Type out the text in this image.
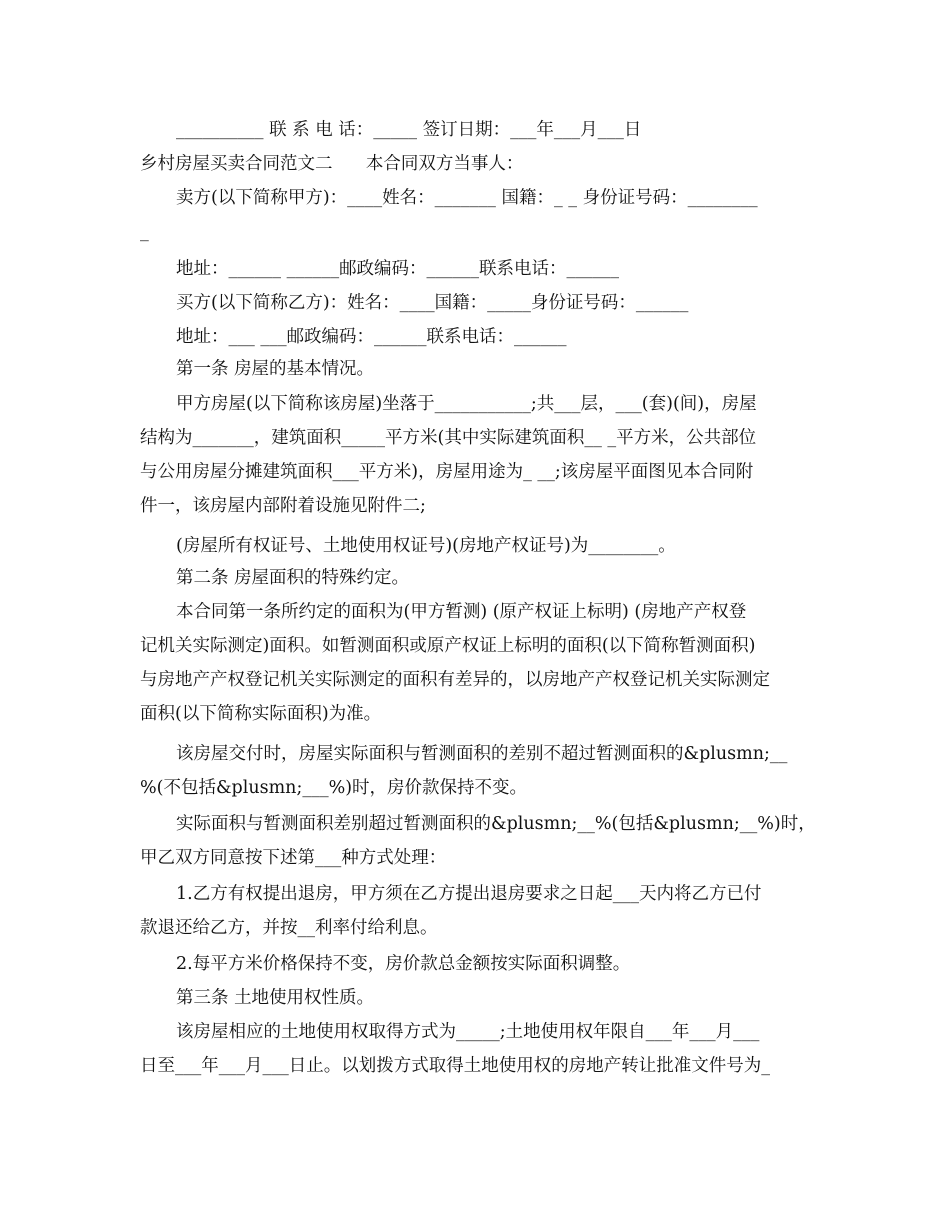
__________ 联 系 电 话：_____ 签订日期：___年___月___日
乡村房屋买卖合同范文二      本合同双方当事人：
卖方(以下简称甲方)：____姓名：_______ 国籍：_ _ 身份证号码：________
_
地址：______ ______邮政编码：______联系电话：______
买方(以下简称乙方)：姓名：____国籍：_____身份证号码：______
地址：___ ___邮政编码：______联系电话：______
第一条 房屋的基本情况。
甲方房屋(以下简称该房屋)坐落于___________;共___层，___(套)(间)，房屋
结构为_______，建筑面积_____平方米(其中实际建筑面积__ _平方米，公共部位
与公用房屋分摊建筑面积___平方米)，房屋用途为_ __;该房屋平面图见本合同附
件一，该房屋内部附着设施见附件二;
(房屋所有权证号、土地使用权证号)(房地产权证号)为________。
第二条 房屋面积的特殊约定。
本合同第一条所约定的面积为(甲方暂测) (原产权证上标明) (房地产产权登
记机关实际测定)面积。如暂测面积或原产权证上标明的面积(以下简称暂测面积)
与房地产产权登记机关实际测定的面积有差异的，以房地产产权登记机关实际测定
面积(以下简称实际面积)为准。
该房屋交付时，房屋实际面积与暂测面积的差别不超过暂测面积的&plusmn;__
%(不包括&plusmn;___%)时，房价款保持不变。
实际面积与暂测面积差别超过暂测面积的&plusmn;__%(包括&plusmn;__%)时，
甲乙双方同意按下述第___种方式处理：
1.乙方有权提出退房，甲方须在乙方提出退房要求之日起___天内将乙方已付
款退还给乙方，并按__利率付给利息。
2.每平方米价格保持不变，房价款总金额按实际面积调整。
第三条 土地使用权性质。
该房屋相应的土地使用权取得方式为_____;土地使用权年限自___年___月___
日至___年___月___日止。以划拨方式取得土地使用权的房地产转让批准文件号为_
